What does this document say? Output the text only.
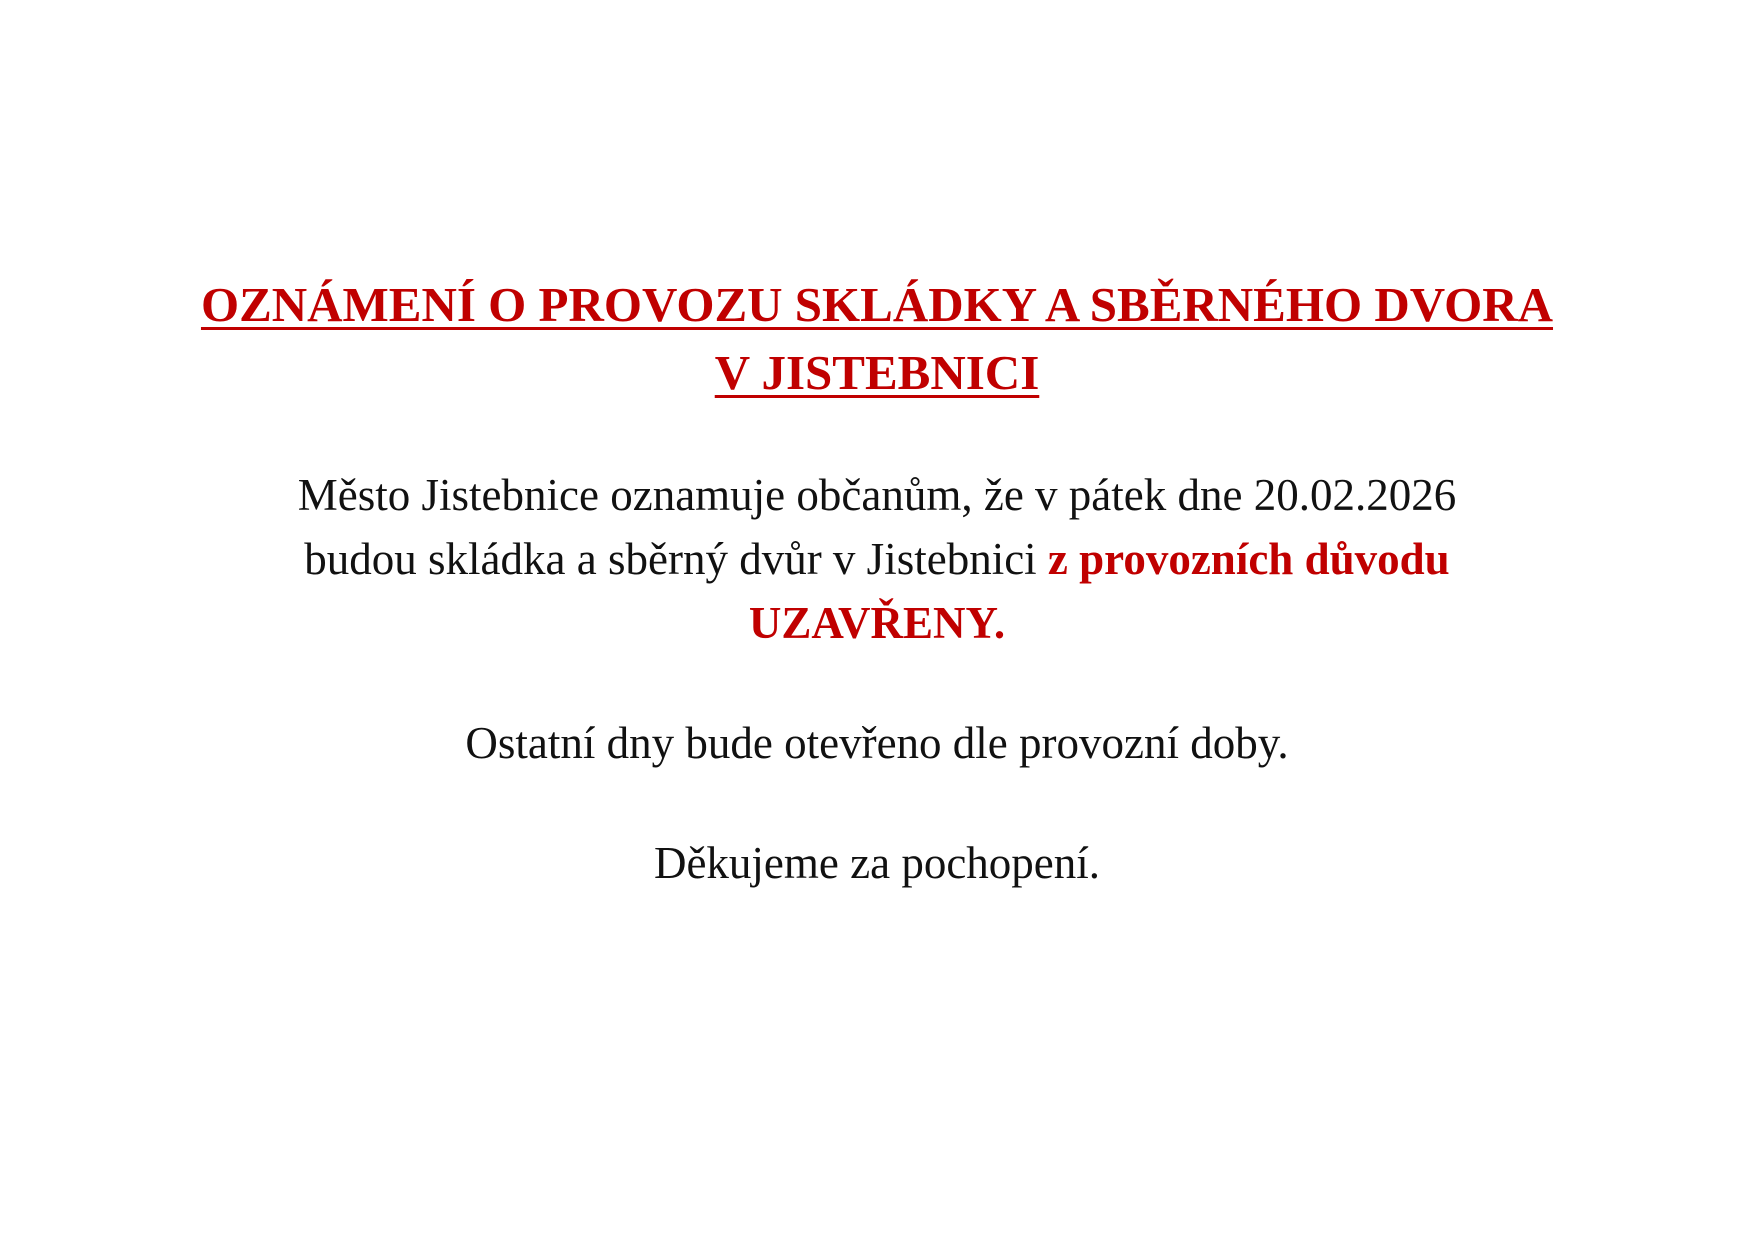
OZNÁMENÍ O PROVOZU SKLÁDKY A SBĚRNÉHO DVORA
V JISTEBNICI

Město Jistebnice oznamuje občanům, že v pátek dne 20.02.2026
budou skládka a sběrný dvůr v Jistebnici z provozních důvodu
UZAVŘENY.

Ostatní dny bude otevřeno dle provozní doby.

Děkujeme za pochopení.
